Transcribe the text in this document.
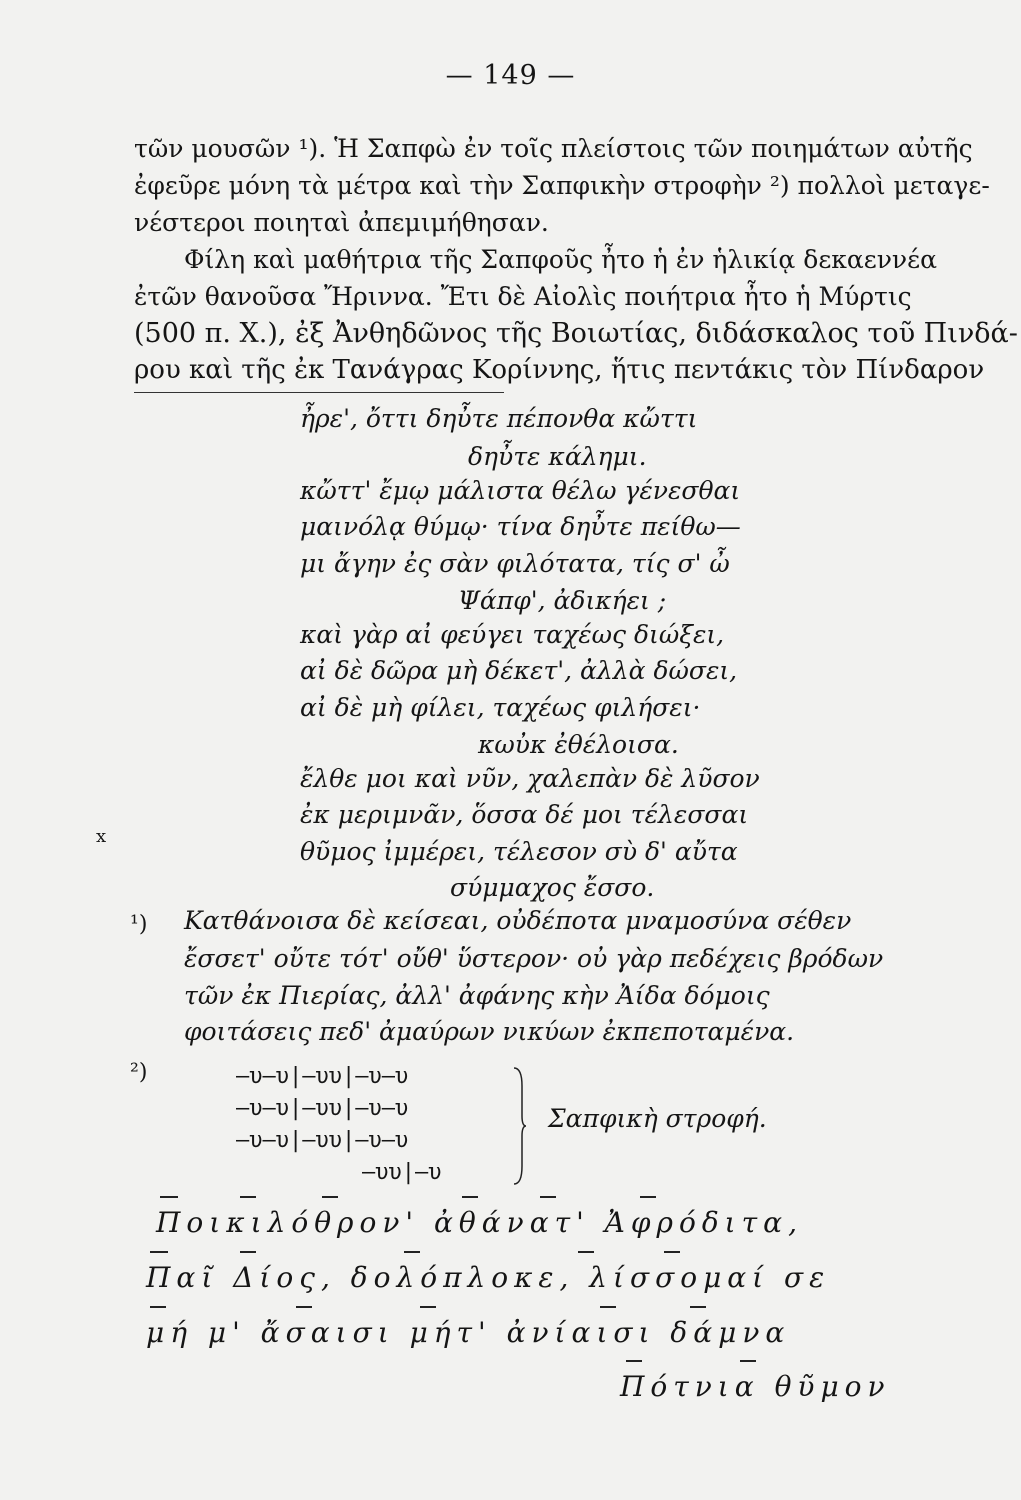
— 149 —
τῶν μουσῶν ¹). Ἡ Σαπφὼ ἐν τοῖς πλείστοις τῶν ποιημάτων αὐτῆς
ἐφεῦρε μόνη τὰ μέτρα καὶ τὴν Σαπφικὴν στροφὴν ²) πολλοὶ μεταγε-
νέστεροι ποιηταὶ ἀπεμιμήθησαν.
Φίλη καὶ μαθήτρια τῆς Σαπφοῦς ἦτο ἡ ἐν ἡλικίᾳ δεκαεννέα
ἐτῶν θανοῦσα Ἤριννα. Ἔτι δὲ Αἰολὶς ποιήτρια ἦτο ἡ Μύρτις
(500 π. Χ.), ἐξ Ἀνθηδῶνος τῆς Βοιωτίας, διδάσκαλος τοῦ Πινδά-
ρου καὶ τῆς ἐκ Τανάγρας Κορίννης, ἥτις πεντάκις τὸν Πίνδαρον
ἦρε', ὄττι δηὖτε πέπονθα κὤττι
δηὖτε κάλημι.
κὤττ' ἔμῳ μάλιστα θέλω γένεσθαι
μαινόλᾳ θύμῳ· τίνα δηὖτε πείθω—
μι ἄγην ἐς σὰν φιλότατα, τίς σ' ὦ
Ψάπφ', ἀδικήει ;
καὶ γὰρ αἰ φεύγει ταχέως διώξει,
αἰ δὲ δῶρα μὴ δέκετ', ἀλλὰ δώσει,
αἰ δὲ μὴ φίλει, ταχέως φιλήσει·
κωὐκ ἐθέλοισα.
ἔλθε μοι καὶ νῦν, χαλεπὰν δὲ λῦσον
ἐκ μεριμνᾶν, ὅσσα δέ μοι τέλεσσαι
θῦμος ἰμμέρει, τέλεσον σὺ δ' αὔτα
σύμμαχος ἔσσο.
x
¹) Κατθάνοισα δὲ κείσεαι, οὐδέποτα μναμοσύνα σέθεν
ἔσσετ' οὔτε τότ' οὔθ' ὕστερον· οὐ γὰρ πεδέχεις βρόδων
τῶν ἐκ Πιερίας, ἀλλ' ἀφάνης κὴν Ἀίδα δόμοις
φοιτάσεις πεδ' ἀμαύρων νικύων ἐκπεποταμένα.
²)	—υ—υ|—υυ|—υ—υ
—υ—υ|—υυ|—υ—υ
—υ—υ|—υυ|—υ—υ
—υυ|—υ
Σαπφικὴ στροφή.
Ποικιλόθρον' ἀθάνατ' Ἀφρόδιτα,
Παῖ Δίος, δολόπλοκε, λίσσομαί σε
μή μ' ἄσαισι μήτ' ἀνίαισι δάμνα
Πότνια θῦμον
